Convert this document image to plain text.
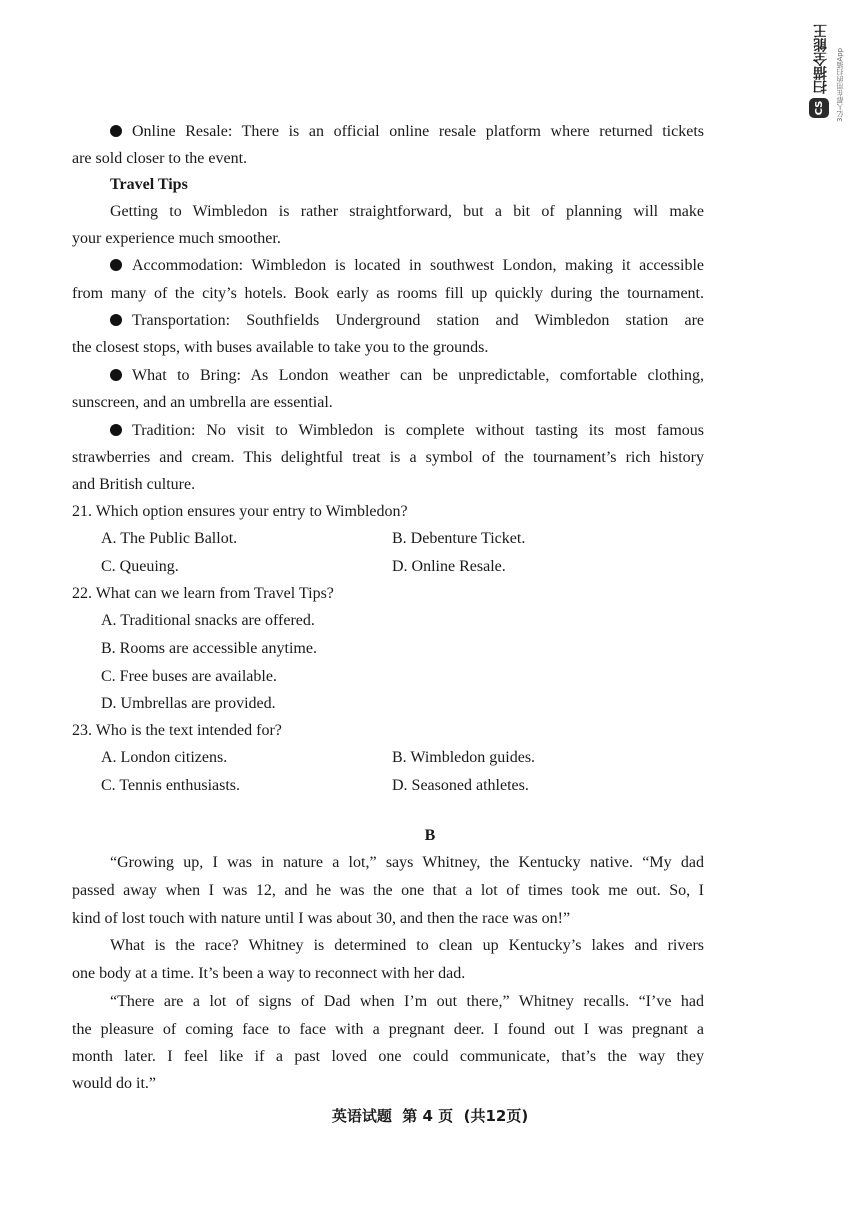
扫描全能王
CS	3亿人都在用的扫描App
Online Resale: There is an official online resale platform where returned tickets
are sold closer to the event.
Travel Tips
Getting to Wimbledon is rather straightforward, but a bit of planning will make
your experience much smoother.
Accommodation: Wimbledon is located in southwest London, making it accessible
from many of the city’s hotels. Book early as rooms fill up quickly during the tournament.
Transportation: Southfields Underground station and Wimbledon station are
the closest stops, with buses available to take you to the grounds.
What to Bring: As London weather can be unpredictable, comfortable clothing,
sunscreen, and an umbrella are essential.
Tradition: No visit to Wimbledon is complete without tasting its most famous
strawberries and cream. This delightful treat is a symbol of the tournament’s rich history
and British culture.
21. Which option ensures your entry to Wimbledon?
A. The Public Ballot.	B. Debenture Ticket.
C. Queuing.	D. Online Resale.
22. What can we learn from Travel Tips?
A. Traditional snacks are offered.
B. Rooms are accessible anytime.
C. Free buses are available.
D. Umbrellas are provided.
23. Who is the text intended for?
A. London citizens.	B. Wimbledon guides.
C. Tennis enthusiasts.	D. Seasoned athletes.
B
“Growing up, I was in nature a lot,” says Whitney, the Kentucky native. “My dad
passed away when I was 12, and he was the one that a lot of times took me out. So, I
kind of lost touch with nature until I was about 30, and then the race was on!”
What is the race? Whitney is determined to clean up Kentucky’s lakes and rivers
one body at a time. It’s been a way to reconnect with her dad.
“There are a lot of signs of Dad when I’m out there,” Whitney recalls. “I’ve had
the pleasure of coming face to face with a pregnant deer. I found out I was pregnant a
month later. I feel like if a past loved one could communicate, that’s the way they
would do it.”
英语试题  第 4 页  (共12页)
